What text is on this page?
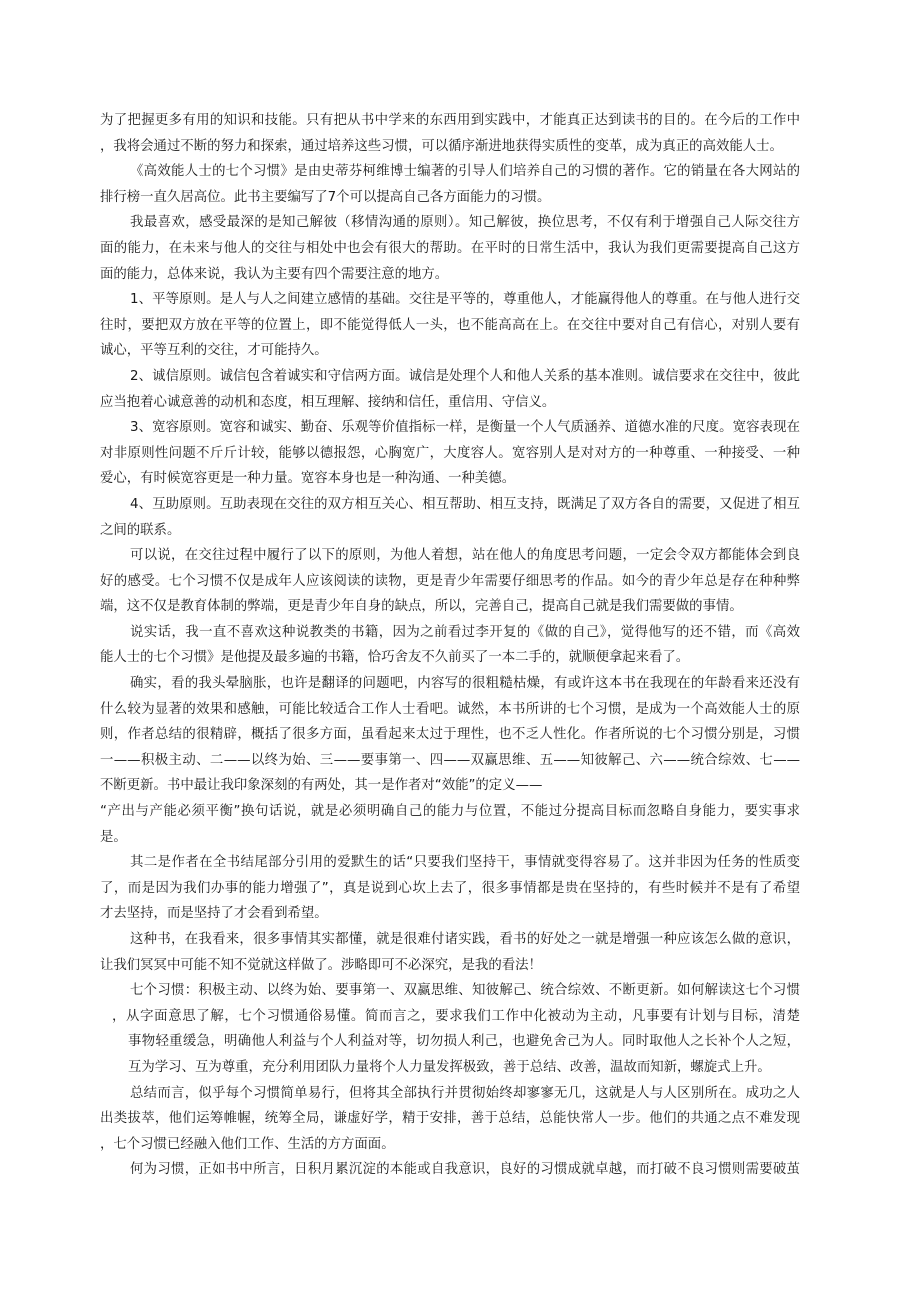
为了把握更多有用的知识和技能。只有把从书中学来的东西用到实践中，才能真正达到读书的目的。在今后的工作中
，我将会通过不断的努力和探索，通过培养这些习惯，可以循序渐进地获得实质性的变革，成为真正的高效能人士。
《高效能人士的七个习惯》是由史蒂芬柯维博士编著的引导人们培养自己的习惯的著作。它的销量在各大网站的
排行榜一直久居高位。此书主要编写了7个可以提高自己各方面能力的习惯。
我最喜欢，感受最深的是知己解彼（移情沟通的原则）。知己解彼，换位思考，不仅有利于增强自己人际交往方
面的能力，在未来与他人的交往与相处中也会有很大的帮助。在平时的日常生活中，我认为我们更需要提高自己这方
面的能力，总体来说，我认为主要有四个需要注意的地方。
1、平等原则。是人与人之间建立感情的基础。交往是平等的，尊重他人，才能赢得他人的尊重。在与他人进行交
往时，要把双方放在平等的位置上，即不能觉得低人一头，也不能高高在上。在交往中要对自己有信心，对别人要有
诚心，平等互利的交往，才可能持久。
2、诚信原则。诚信包含着诚实和守信两方面。诚信是处理个人和他人关系的基本准则。诚信要求在交往中，彼此
应当抱着心诚意善的动机和态度，相互理解、接纳和信任，重信用、守信义。
3、宽容原则。宽容和诚实、勤奋、乐观等价值指标一样，是衡量一个人气质涵养、道德水准的尺度。宽容表现在
对非原则性问题不斤斤计较，能够以德报怨，心胸宽广，大度容人。宽容别人是对对方的一种尊重、一种接受、一种
爱心，有时候宽容更是一种力量。宽容本身也是一种沟通、一种美德。
4、互助原则。互助表现在交往的双方相互关心、相互帮助、相互支持，既满足了双方各自的需要，又促进了相互
之间的联系。
可以说，在交往过程中履行了以下的原则，为他人着想，站在他人的角度思考问题，一定会令双方都能体会到良
好的感受。七个习惯不仅是成年人应该阅读的读物，更是青少年需要仔细思考的作品。如今的青少年总是存在种种弊
端，这不仅是教育体制的弊端，更是青少年自身的缺点，所以，完善自己，提高自己就是我们需要做的事情。
说实话，我一直不喜欢这种说教类的书籍，因为之前看过李开复的《做的自己》，觉得他写的还不错，而《高效
能人士的七个习惯》是他提及最多遍的书籍，恰巧舍友不久前买了一本二手的，就顺便拿起来看了。
确实，看的我头晕脑胀，也许是翻译的问题吧，内容写的很粗糙枯燥，有或许这本书在我现在的年龄看来还没有
什么较为显著的效果和感触，可能比较适合工作人士看吧。诚然，本书所讲的七个习惯，是成为一个高效能人士的原
则，作者总结的很精辟，概括了很多方面，虽看起来太过于理性，也不乏人性化。作者所说的七个习惯分别是，习惯
一——积极主动、二——以终为始、三——要事第一、四——双赢思维、五——知彼解己、六——统合综效、七——
不断更新。书中最让我印象深刻的有两处，其一是作者对“效能”的定义——
“产出与产能必须平衡”换句话说，就是必须明确自己的能力与位置，不能过分提高目标而忽略自身能力，要实事求
是。
其二是作者在全书结尾部分引用的爱默生的话“只要我们坚持干，事情就变得容易了。这并非因为任务的性质变
了，而是因为我们办事的能力增强了”，真是说到心坎上去了，很多事情都是贵在坚持的，有些时候并不是有了希望
才去坚持，而是坚持了才会看到希望。
这种书，在我看来，很多事情其实都懂，就是很难付诸实践，看书的好处之一就是增强一种应该怎么做的意识，
让我们冥冥中可能不知不觉就这样做了。涉略即可不必深究，是我的看法！
七个习惯：积极主动、以终为始、要事第一、双赢思维、知彼解己、统合综效、不断更新。如何解读这七个习惯
，从字面意思了解，七个习惯通俗易懂。简而言之，要求我们工作中化被动为主动，凡事要有计划与目标，清楚
事物轻重缓急，明确他人利益与个人利益对等，切勿损人利己，也避免舍己为人。同时取他人之长补个人之短，
互为学习、互为尊重，充分利用团队力量将个人力量发挥极致，善于总结、改善，温故而知新，螺旋式上升。
总结而言，似乎每个习惯简单易行，但将其全部执行并贯彻始终却寥寥无几，这就是人与人区别所在。成功之人
出类拔萃，他们运筹帷幄，统筹全局，谦虚好学，精于安排，善于总结，总能快常人一步。他们的共通之点不难发现
，七个习惯已经融入他们工作、生活的方方面面。
何为习惯，正如书中所言，日积月累沉淀的本能或自我意识，良好的习惯成就卓越，而打破不良习惯则需要破茧
